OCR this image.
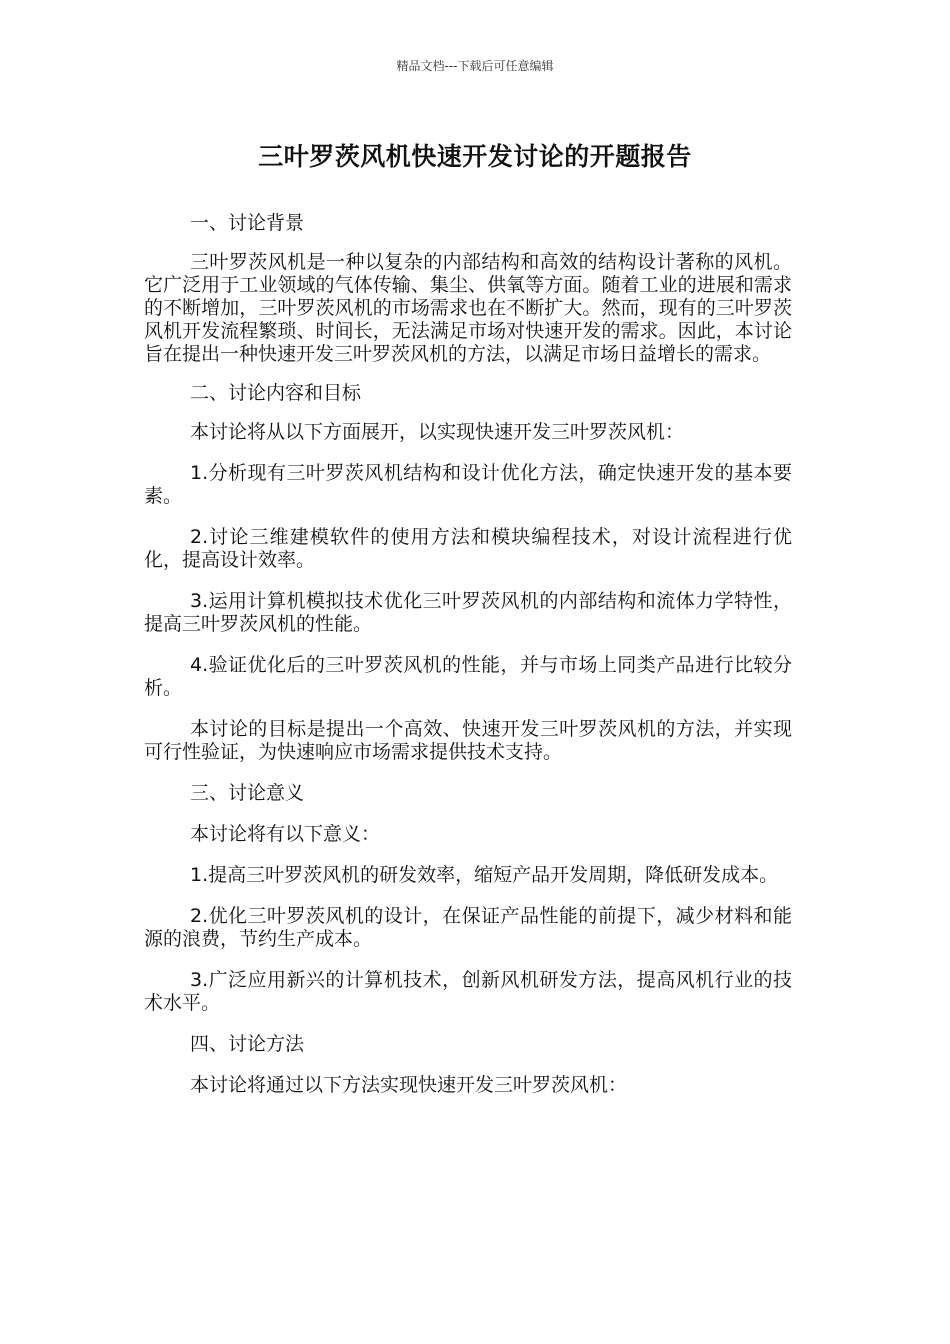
精品文档---下载后可任意编辑
三叶罗茨风机快速开发讨论的开题报告

一、讨论背景

三叶罗茨风机是一种以复杂的内部结构和高效的结构设计著称的风机。它广泛用于工业领域的气体传输、集尘、供氧等方面。随着工业的进展和需求的不断增加，三叶罗茨风机的市场需求也在不断扩大。然而，现有的三叶罗茨风机开发流程繁琐、时间长，无法满足市场对快速开发的需求。因此，本讨论旨在提出一种快速开发三叶罗茨风机的方法，以满足市场日益增长的需求。

二、讨论内容和目标

本讨论将从以下方面展开，以实现快速开发三叶罗茨风机：

1.分析现有三叶罗茨风机结构和设计优化方法，确定快速开发的基本要素。

2.讨论三维建模软件的使用方法和模块编程技术，对设计流程进行优化，提高设计效率。

3.运用计算机模拟技术优化三叶罗茨风机的内部结构和流体力学特性，提高三叶罗茨风机的性能。

4.验证优化后的三叶罗茨风机的性能，并与市场上同类产品进行比较分析。

本讨论的目标是提出一个高效、快速开发三叶罗茨风机的方法，并实现可行性验证，为快速响应市场需求提供技术支持。

三、讨论意义

本讨论将有以下意义：

1.提高三叶罗茨风机的研发效率，缩短产品开发周期，降低研发成本。

2.优化三叶罗茨风机的设计，在保证产品性能的前提下，减少材料和能源的浪费，节约生产成本。

3.广泛应用新兴的计算机技术，创新风机研发方法，提高风机行业的技术水平。

四、讨论方法

本讨论将通过以下方法实现快速开发三叶罗茨风机：
